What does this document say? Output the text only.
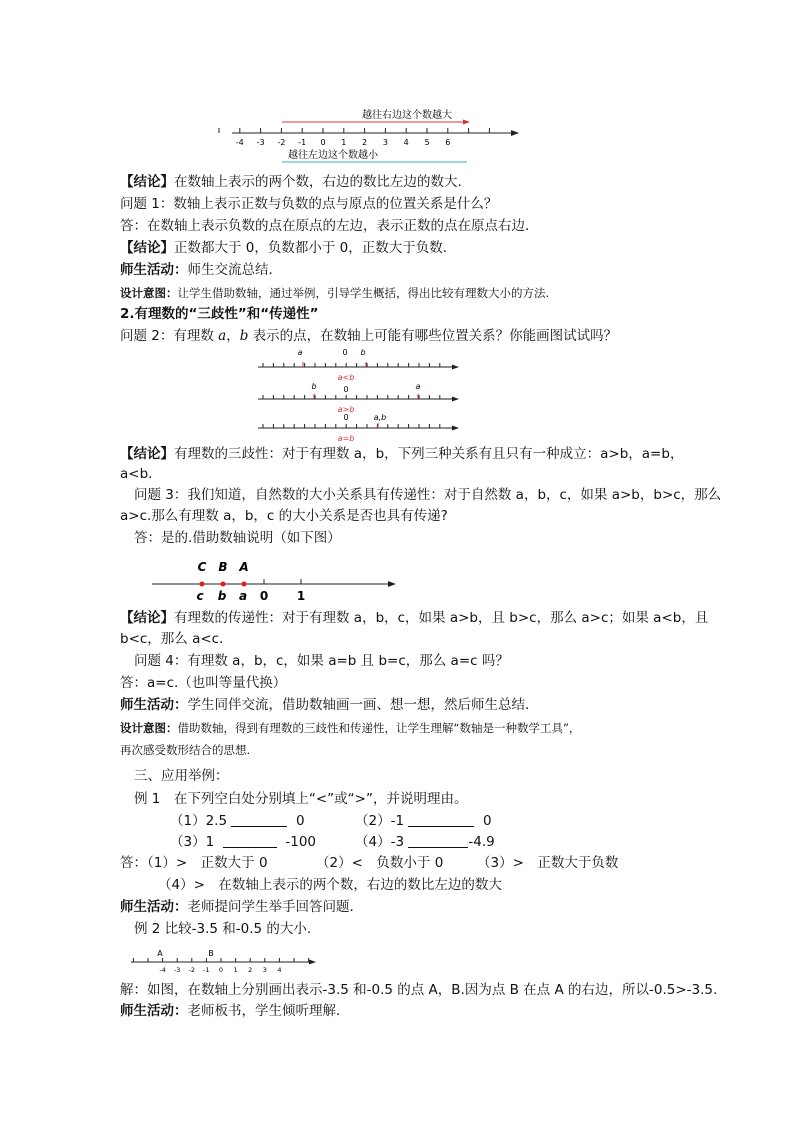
越往右边这个数越大
-4 -3 -2 -1 0 1 2 3 4 5 6
越往左边这个数越小
【结论】在数轴上表示的两个数，右边的数比左边的数大.
问题 1：数轴上表示正数与负数的点与原点的位置关系是什么？
答：在数轴上表示负数的点在原点的左边，表示正数的点在原点右边.
【结论】正数都大于 0，负数都小于 0，正数大于负数.
师生活动：师生交流总结．
设计意图：让学生借助数轴，通过举例，引导学生概括，得出比较有理数大小的方法.
2.有理数的“三歧性”和“传递性”
问题 2：有理数 a，b 表示的点，在数轴上可能有哪些位置关系？你能画图试试吗？
a	0 b
a<b
b	0	a
a>b
0	a,b
a=b
【结论】有理数的三歧性：对于有理数 a，b，下列三种关系有且只有一种成立：a>b，a=b，
a<b.
问题 3：我们知道，自然数的大小关系具有传递性：对于自然数 a，b，c，如果 a>b，b>c，那么
a>c.那么有理数 a，b，c 的大小关系是否也具有传递?
答：是的.借助数轴说明（如下图）
C B A
c b a 0 1
【结论】有理数的传递性：对于有理数 a，b，c，如果 a>b，且 b>c，那么 a>c；如果 a<b，且
b<c，那么 a<c.
问题 4：有理数 a，b，c，如果 a=b 且 b=c，那么 a=c 吗？
答：a=c.（也叫等量代换）
师生活动：学生同伴交流，借助数轴画一画、想一想，然后师生总结．
设计意图：借助数轴，得到有理数的三歧性和传递性，让学生理解“数轴是一种数学工具”，
再次感受数形结合的思想.
三、应用举例：
例 1　在下列空白处分别填上“<”或“>”，并说明理由。
（1）2.5	0	（2）-1	0
（3）1	-100	（4）-3	-4.9
答：（1）>　正数大于 0	（2）<　负数小于 0 （3）>　正数大于负数
（4）>　在数轴上表示的两个数，右边的数比左边的数大
师生活动：老师提问学生举手回答问题．
例 2 比较-3.5 和-0.5 的大小.
A	B
-4 -3 -2 -1 0 1 2 3 4
解：如图，在数轴上分别画出表示-3.5 和-0.5 的点 A，B.因为点 B 在点 A 的右边，所以-0.5>-3.5.
师生活动：老师板书，学生倾听理解．
